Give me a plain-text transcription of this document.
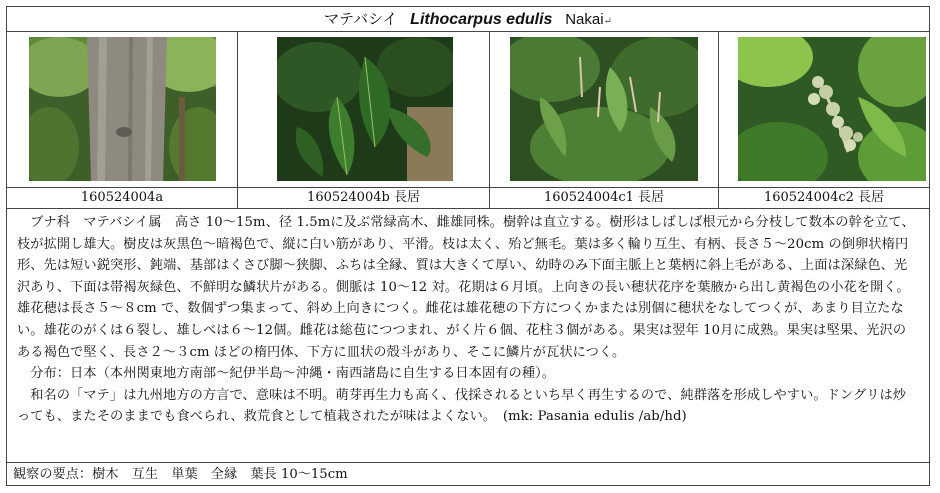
マテバシイ Lithocarpus edulis Nakai↵
160524004a	160524004b 長居	160524004c1 長居	160524004c2 長居

ブナ科　マテバシイ属　高さ 10～15m、径 1.5mに及ぶ常緑高木、雌雄同株。樹幹は直立する。樹形はしばしば根元から分枝して数本の幹を立て、枝が拡開し雄大。樹皮は灰黒色～暗褐色で、縦に白い筋があり、平滑。枝は太く、殆ど無毛。葉は多く輪り互生、有柄、長さ５～20cm の倒卵状楕円形、先は短い鋭突形、鈍端、基部はくさび脚～狭脚、ふちは全縁、質は大きくて厚い、幼時のみ下面主脈上と葉柄に斜上毛がある、上面は深緑色、光沢あり、下面は帯褐灰緑色、不鮮明な鱗状片がある。側脈は 10～12 対。花期は６月頃。上向きの長い穂状花序を葉腋から出し黄褐色の小花を開く。雄花穂は長さ５～８cm で、数個ずつ集まって、斜め上向きにつく。雌花は雄花穂の下方につくかまたは別個に穂状をなしてつくが、あまり目立たない。雄花のがくは６裂し、雄しべは６～12個。雌花は総苞につつまれ、がく片６個、花柱３個がある。果実は翌年 10月に成熟。果実は堅果、光沢のある褐色で堅く、長さ２～３cm ほどの楕円体、下方に皿状の殻斗があり、そこに鱗片が瓦状につく。

分布：日本（本州関東地方南部～紀伊半島～沖縄・南西諸島に自生する日本固有の種）。

和名の「マテ」は九州地方の方言で、意味は不明。萌芽再生力も高く、伐採されるといち早く再生するので、純群落を形成しやすい。ドングリは炒っても、またそのままでも食べられ、救荒食として植栽されたが味はよくない。　(mk: Pasania edulis /ab/hd)

観察の要点：樹木　互生　単葉　全縁　葉長 10～15cm
